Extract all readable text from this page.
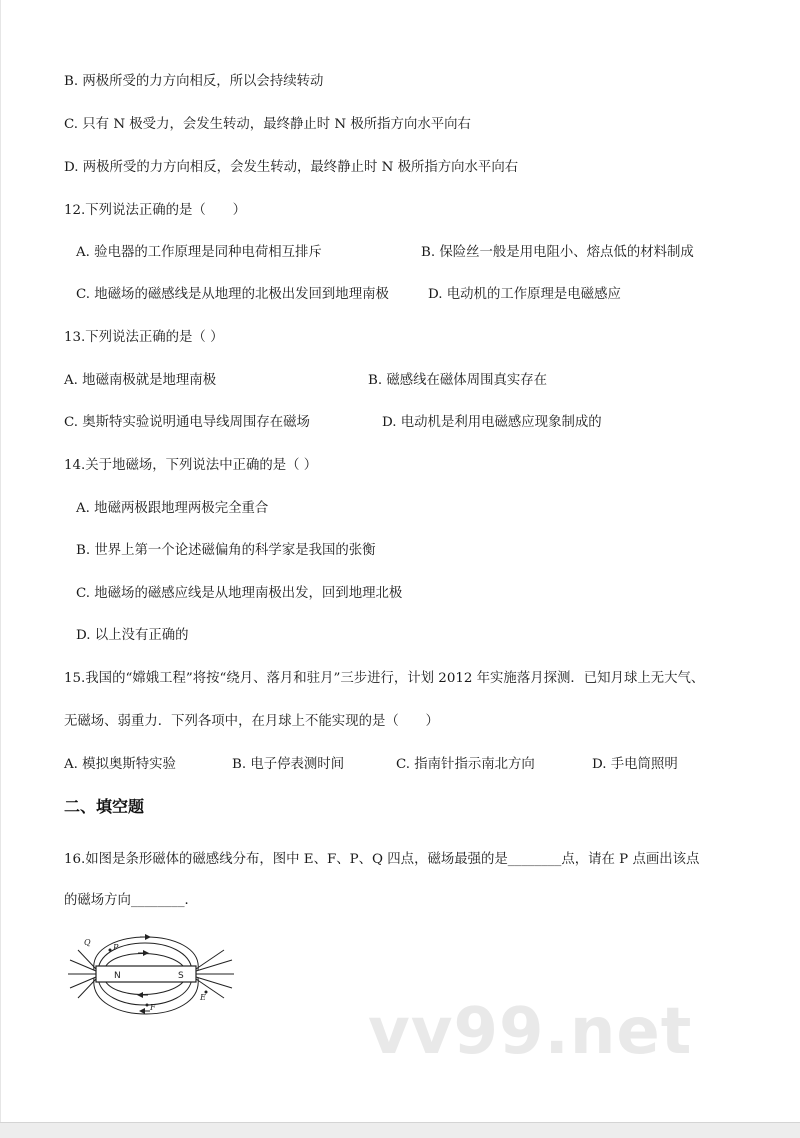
B. 两极所受的力方向相反，所以会持续转动
C. 只有 N 极受力，会发生转动，最终静止时 N 极所指方向水平向右
D. 两极所受的力方向相反，会发生转动，最终静止时 N 极所指方向水平向右
12.下列说法正确的是（　　）
A. 验电器的工作原理是同种电荷相互排斥	B. 保险丝一般是用电阻小、熔点低的材料制成
C. 地磁场的磁感线是从地理的北极出发回到地理南极	D. 电动机的工作原理是电磁感应
13.下列说法正确的是（ ）
A. 地磁南极就是地理南极	B. 磁感线在磁体周围真实存在
C. 奥斯特实验说明通电导线周围存在磁场	D. 电动机是利用电磁感应现象制成的
14.关于地磁场，下列说法中正确的是（ ）
A. 地磁两极跟地理两极完全重合
B. 世界上第一个论述磁偏角的科学家是我国的张衡
C. 地磁场的磁感应线是从地理南极出发，回到地理北极
D. 以上没有正确的
15.我国的“嫦娥工程”将按“绕月、落月和驻月”三步进行，计划 2012 年实施落月探测．已知月球上无大气、
无磁场、弱重力．下列各项中，在月球上不能实现的是（　　）
A. 模拟奥斯特实验	B. 电子停表测时间	C. 指南针指示南北方向	D. 手电筒照明
二、填空题
16.如图是条形磁体的磁感线分布，图中 E、F、P、Q 四点，磁场最强的是________点，请在 P 点画出该点
的磁场方向________．
N	S
Q
P
E
F	vv99.net
